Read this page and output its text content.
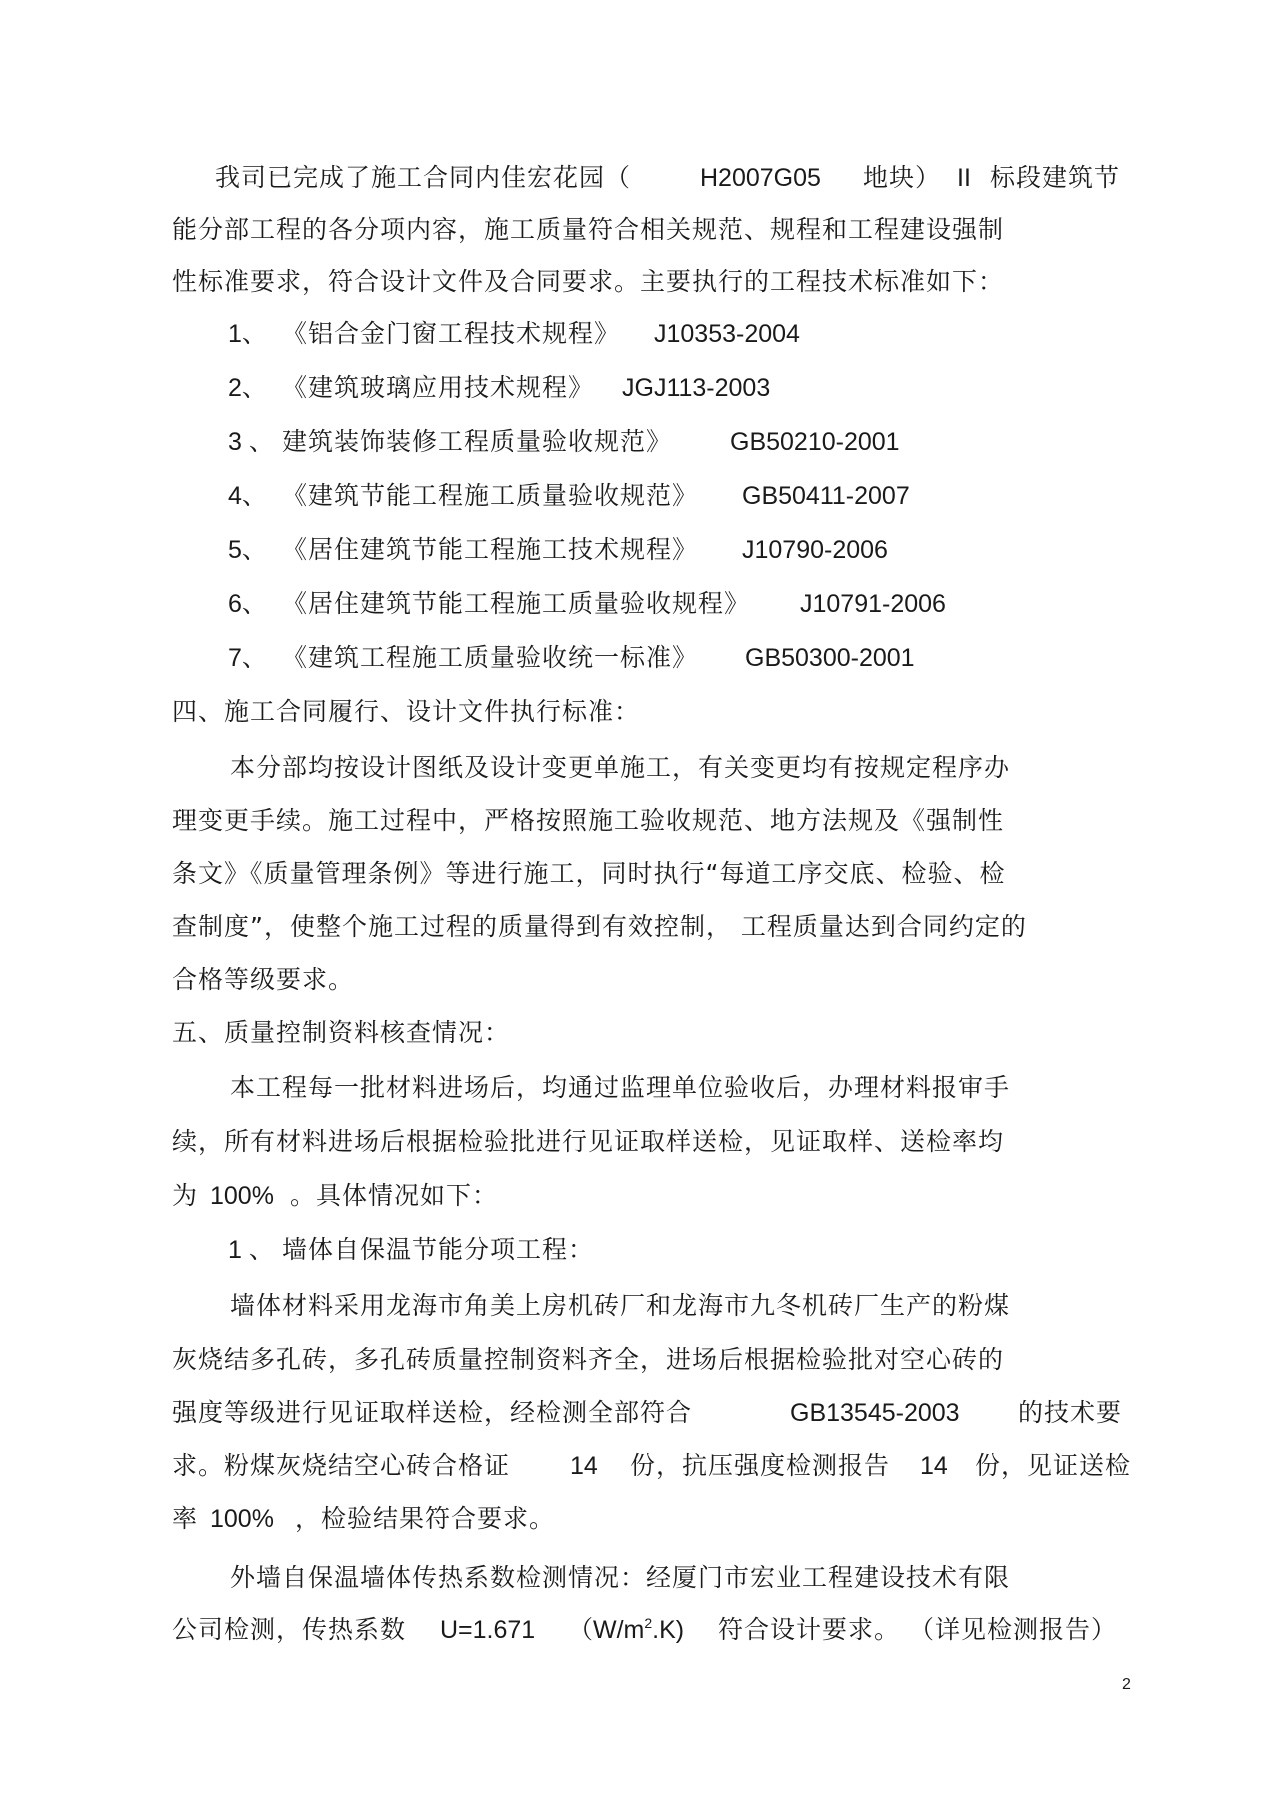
我司已完成了施工合同内佳宏花园（	H2007G05 地块） II 标段建筑节
能分部工程的各分项内容，施工质量符合相关规范、规程和工程建设强制
性标准要求，符合设计文件及合同要求。主要执行的工程技术标准如下：
1、 《铝合金门窗工程技术规程》 J10353-2004
2、 《建筑玻璃应用技术规程》 JGJ113-2003
3 、 建筑装饰装修工程质量验收规范》 GB50210-2001
4、 《建筑节能工程施工质量验收规范》 GB50411-2007
5、 《居住建筑节能工程施工技术规程》 J10790-2006
6、 《居住建筑节能工程施工质量验收规程》 J10791-2006
7、 《建筑工程施工质量验收统一标准》 GB50300-2001
四、施工合同履行、设计文件执行标准：
本分部均按设计图纸及设计变更单施工，有关变更均有按规定程序办
理变更手续。施工过程中，严格按照施工验收规范、地方法规及《强制性
条文》《质量管理条例》等进行施工，同时执行“每道工序交底、检验、检
查制度”，使整个施工过程的质量得到有效控制， 工程质量达到合同约定的
合格等级要求。
五、质量控制资料核查情况：
本工程每一批材料进场后，均通过监理单位验收后，办理材料报审手
续，所有材料进场后根据检验批进行见证取样送检，见证取样、送检率均
为 100% 。具体情况如下：
1 、 墙体自保温节能分项工程：
墙体材料采用龙海市角美上房机砖厂和龙海市九冬机砖厂生产的粉煤
灰烧结多孔砖，多孔砖质量控制资料齐全，进场后根据检验批对空心砖的
强度等级进行见证取样送检，经检测全部符合	GB13545-2003 的技术要
求。粉煤灰烧结空心砖合格证 14 份，抗压强度检测报告 14 份，见证送检
率 100% ，检验结果符合要求。
外墙自保温墙体传热系数检测情况：经厦门市宏业工程建设技术有限
公司检测，传热系数 U=1.671 $(W/m^2.K)$ 符合设计要求。 （详见检测报告）
2
